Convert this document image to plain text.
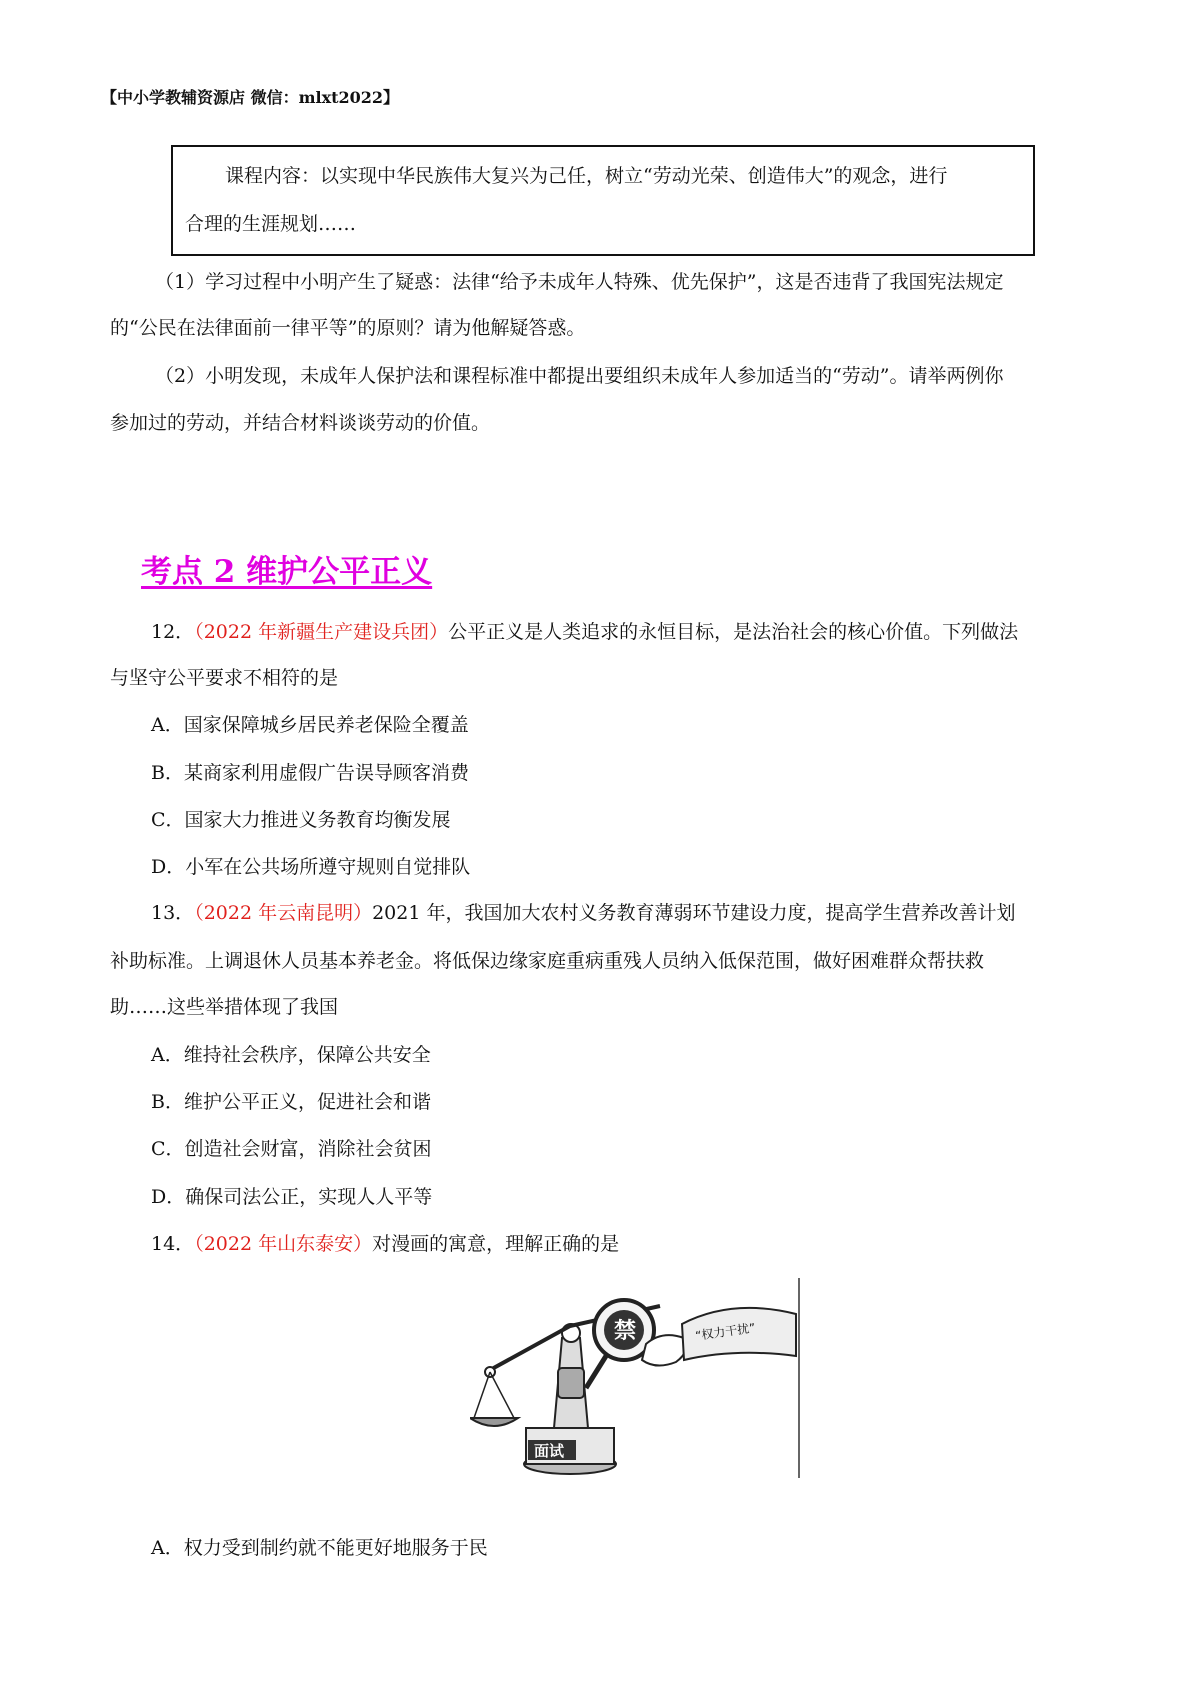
【中小学教辅资源店 微信：mlxt2022】
课程内容：以实现中华民族伟大复兴为己任，树立“劳动光荣、创造伟大”的观念，进行
合理的生涯规划……
（1）学习过程中小明产生了疑惑：法律“给予未成年人特殊、优先保护”，这是否违背了我国宪法规定
的“公民在法律面前一律平等”的原则？请为他解疑答惑。
（2）小明发现，未成年人保护法和课程标准中都提出要组织未成年人参加适当的“劳动”。请举两例你
参加过的劳动，并结合材料谈谈劳动的价值。
考点 2 维护公平正义
12．（2022 年新疆生产建设兵团）公平正义是人类追求的永恒目标，是法治社会的核心价值。下列做法
与坚守公平要求不相符的是
A．国家保障城乡居民养老保险全覆盖
B．某商家利用虚假广告误导顾客消费
C．国家大力推进义务教育均衡发展
D．小军在公共场所遵守规则自觉排队
13．（2022 年云南昆明）2021 年，我国加大农村义务教育薄弱环节建设力度，提高学生营养改善计划
补助标准。上调退休人员基本养老金。将低保边缘家庭重病重残人员纳入低保范围，做好困难群众帮扶救
助……这些举措体现了我国
A．维持社会秩序，保障公共安全
B．维护公平正义，促进社会和谐
C．创造社会财富，消除社会贫困
D．确保司法公正，实现人人平等
14．（2022 年山东泰安）对漫画的寓意，理解正确的是
面试
禁	“权力干扰”
A．权力受到制约就不能更好地服务于民
